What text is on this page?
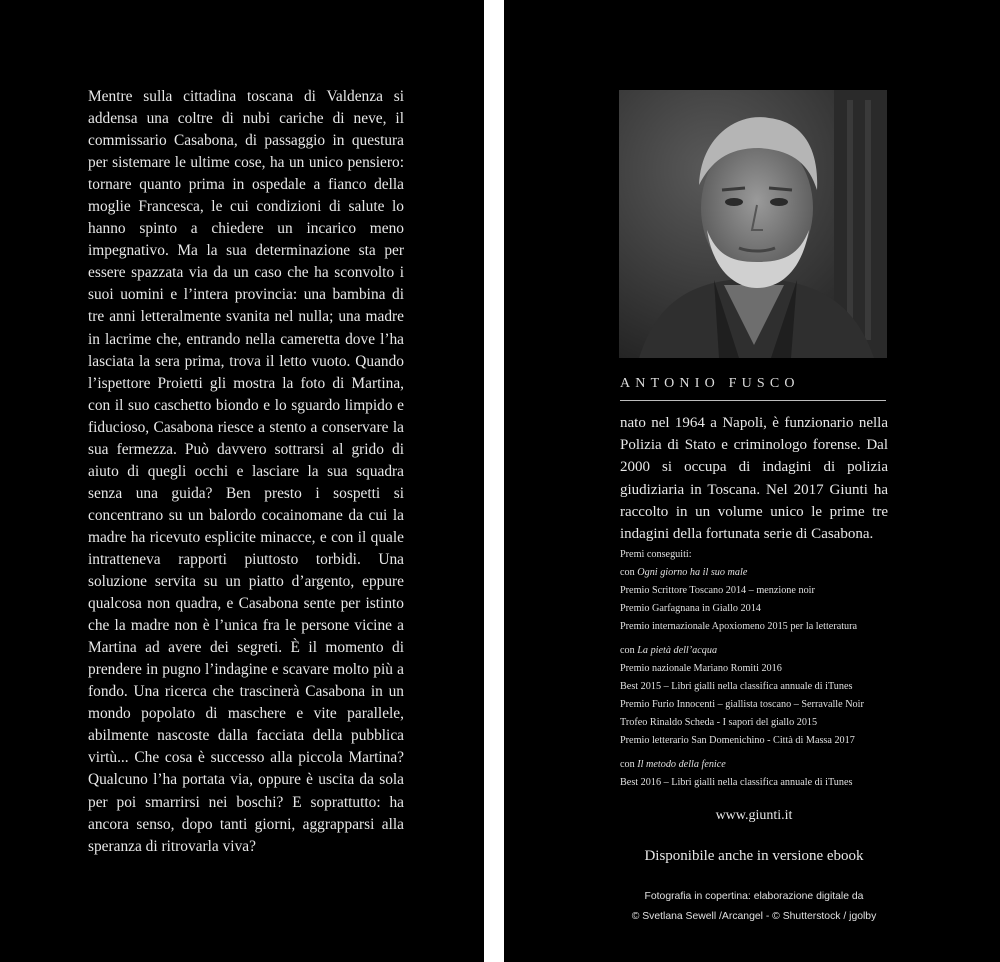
Mentre sulla cittadina toscana di Valdenza si addensa una coltre di nubi cariche di neve, il commissario Casabona, di passaggio in questura per sistemare le ultime cose, ha un unico pensiero: tornare quanto prima in ospedale a fianco della moglie Francesca, le cui condizioni di salute lo hanno spinto a chiedere un incarico meno impegnativo. Ma la sua determinazione sta per essere spazzata via da un caso che ha sconvolto i suoi uomini e l’intera provincia: una bambina di tre anni letteralmente svanita nel nulla; una madre in lacrime che, entrando nella cameretta dove l’ha lasciata la sera prima, trova il letto vuoto. Quando l’ispettore Proietti gli mostra la foto di Martina, con il suo caschetto biondo e lo sguardo limpido e fiducioso, Casabona riesce a stento a conservare la sua fermezza. Può davvero sottrarsi al grido di aiuto di quegli occhi e lasciare la sua squadra senza una guida? Ben presto i sospetti si concentrano su un balordo cocainomane da cui la madre ha ricevuto esplicite minacce, e con il quale intratteneva rapporti piuttosto torbidi. Una soluzione servita su un piatto d’argento, eppure qualcosa non quadra, e Casabona sente per istinto che la madre non è l’unica fra le persone vicine a Martina ad avere dei segreti. È il momento di prendere in pugno l’indagine e scavare molto più a fondo. Una ricerca che trascinerà Casabona in un mondo popolato di maschere e vite parallele, abilmente nascoste dalla facciata della pubblica virtù... Che cosa è successo alla piccola Martina? Qualcuno l’ha portata via, oppure è uscita da sola per poi smarrirsi nei boschi? E soprattutto: ha ancora senso, dopo tanti giorni, aggrapparsi alla speranza di ritrovarla viva?

ANTONIO FUSCO

nato nel 1964 a Napoli, è funzionario nella Polizia di Stato e criminologo forense. Dal 2000 si occupa di indagini di polizia giudiziaria in Toscana. Nel 2017 Giunti ha raccolto in un volume unico le prime tre indagini della fortunata serie di Casabona.

Premi conseguiti:
con Ogni giorno ha il suo male
Premio Scrittore Toscano 2014 – menzione noir
Premio Garfagnana in Giallo 2014
Premio internazionale Apoxiomeno 2015 per la letteratura
con La pietà dell’acqua
Premio nazionale Mariano Romiti 2016
Best 2015 – Libri gialli nella classifica annuale di iTunes
Premio Furio Innocenti – giallista toscano – Serravalle Noir
Trofeo Rinaldo Scheda - I sapori del giallo 2015
Premio letterario San Domenichino - Città di Massa 2017
con Il metodo della fenice
Best 2016 – Libri gialli nella classifica annuale di iTunes
www.giunti.it
Disponibile anche in versione ebook
Fotografia in copertina: elaborazione digitale da
© Svetlana Sewell /Arcangel - © Shutterstock / jgolby
